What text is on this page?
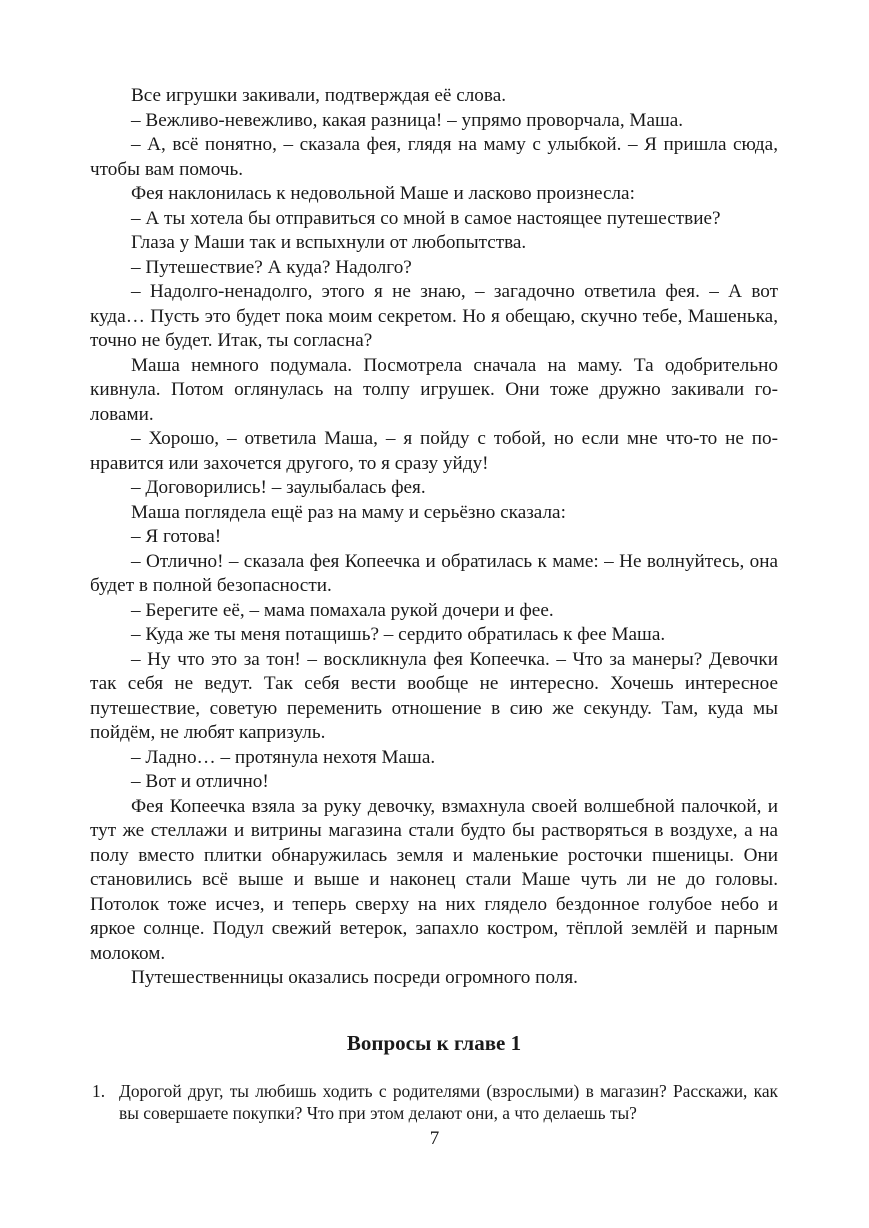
Все игрушки закивали, подтверждая её слова.

– Вежливо-невежливо, какая разница! – упрямо проворчала, Маша.

– А, всё понятно, – сказала фея, глядя на маму с улыбкой. – Я пришла сюда, чтобы вам помочь.

Фея наклонилась к недовольной Маше и ласково произнесла:

– А ты хотела бы отправиться со мной в самое настоящее путешествие?

Глаза у Маши так и вспыхнули от любопытства.

– Путешествие? А куда? Надолго?

– Надолго-ненадолго, этого я не знаю, – загадочно ответила фея. – А вот куда… Пусть это будет пока моим секретом. Но я обещаю, скучно тебе, Машенька, точно не будет. Итак, ты согласна?

Маша немного подумала. Посмотрела сначала на маму. Та одобрительно кивнула. Потом оглянулась на толпу игрушек. Они тоже дружно закивали головами.

– Хорошо, – ответила Маша, – я пойду с тобой, но если мне что-то не понравится или захочется другого, то я сразу уйду!

– Договорились! – заулыбалась фея.

Маша поглядела ещё раз на маму и серьёзно сказала:

– Я готова!

– Отлично! – сказала фея Копеечка и обратилась к маме: – Не волнуйтесь, она будет в полной безопасности.

– Берегите её, – мама помахала рукой дочери и фее.

– Куда же ты меня потащишь? – сердито обратилась к фее Маша.

– Ну что это за тон! – воскликнула фея Копеечка. – Что за манеры? Девочки так себя не ведут. Так себя вести вообще не интересно. Хочешь интересное путешествие, советую переменить отношение в сию же секунду. Там, куда мы пойдём, не любят капризуль.

– Ладно… – протянула нехотя Маша.

– Вот и отлично!

Фея Копеечка взяла за руку девочку, взмахнула своей волшебной палочкой, и тут же стеллажи и витрины магазина стали будто бы растворяться в воздухе, а на полу вместо плитки обнаружилась земля и маленькие росточки пшеницы. Они становились всё выше и выше и наконец стали Маше чуть ли не до головы. Потолок тоже исчез, и теперь сверху на них глядело бездонное голубое небо и яркое солнце. Подул свежий ветерок, запахло костром, тёплой землёй и парным молоком.

Путешественницы оказались посреди огромного поля.

Вопросы к главе 1
1. Дорогой друг, ты любишь ходить с родителями (взрослыми) в магазин? Расскажи, как вы совершаете покупки? Что при этом делают они, а что делаешь ты?
7
